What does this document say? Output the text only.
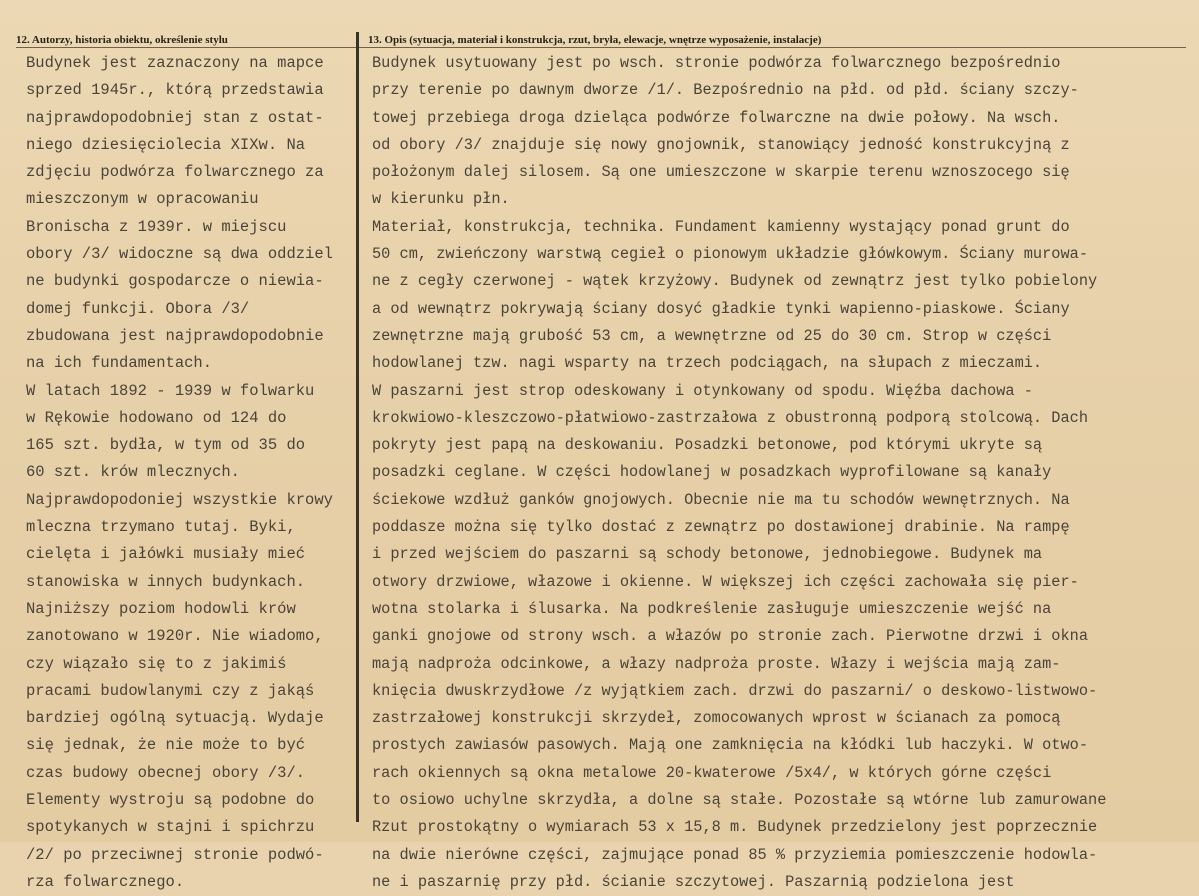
12. Autorzy, historia obiektu, określenie stylu	13. Opis (sytuacja, materiał i konstrukcja, rzut, bryła, elewacje, wnętrze wyposażenie, instalacje)
Budynek jest zaznaczony na mapce
sprzed 1945r., którą przedstawia
najprawdopodobniej stan z ostat-
niego dziesięciolecia XIXw. Na
zdjęciu podwórza folwarcznego za
mieszczonym w opracowaniu
Bronischa z 1939r. w miejscu
obory /3/ widoczne są dwa oddziel
ne budynki gospodarcze o niewia-
domej funkcji. Obora /3/
zbudowana jest najprawdopodobnie
na ich fundamentach.
W latach 1892 - 1939 w folwarku
w Rękowie hodowano od 124 do
165 szt. bydła, w tym od 35 do
60 szt. krów mlecznych.
Najprawdopodoniej wszystkie krowy
mleczna trzymano tutaj. Byki,
cielęta i jałówki musiały mieć
stanowiska w innych budynkach.
Najniższy poziom hodowli krów
zanotowano w 1920r. Nie wiadomo,
czy wiązało się to z jakimiś
pracami budowlanymi czy z jakąś
bardziej ogólną sytuacją. Wydaje
się jednak, że nie może to być
czas budowy obecnej obory /3/.
Elementy wystroju są podobne do
spotykanych w stajni i spichrzu
/2/ po przeciwnej stronie podwó-
rza folwarcznego.
Budynek usytuowany jest po wsch. stronie podwórza folwarcznego bezpośrednio
przy terenie po dawnym dworze /1/. Bezpośrednio na płd. od płd. ściany szczy-
towej przebiega droga dzieląca podwórze folwarczne na dwie połowy. Na wsch.
od obory /3/ znajduje się nowy gnojownik, stanowiący jedność konstrukcyjną z
położonym dalej silosem. Są one umieszczone w skarpie terenu wznoszocego się
w kierunku płn.
Materiał, konstrukcja, technika. Fundament kamienny wystający ponad grunt do
50 cm, zwieńczony warstwą cegieł o pionowym układzie główkowym. Ściany murowa-
ne z cegły czerwonej - wątek krzyżowy. Budynek od zewnątrz jest tylko pobielony
a od wewnątrz pokrywają ściany dosyć gładkie tynki wapienno-piaskowe. Ściany
zewnętrzne mają grubość 53 cm, a wewnętrzne od 25 do 30 cm. Strop w części
hodowlanej tzw. nagi wsparty na trzech podciągach, na słupach z mieczami.
W paszarni jest strop odeskowany i otynkowany od spodu. Więźba dachowa -
krokwiowo-kleszczowo-płatwiowo-zastrzałowa z obustronną podporą stolcową. Dach
pokryty jest papą na deskowaniu. Posadzki betonowe, pod którymi ukryte są
posadzki ceglane. W części hodowlanej w posadzkach wyprofilowane są kanały
ściekowe wzdłuż ganków gnojowych. Obecnie nie ma tu schodów wewnętrznych. Na
poddasze można się tylko dostać z zewnątrz po dostawionej drabinie. Na rampę
i przed wejściem do paszarni są schody betonowe, jednobiegowe. Budynek ma
otwory drzwiowe, włazowe i okienne. W większej ich części zachowała się pier-
wotna stolarka i ślusarka. Na podkreślenie zasługuje umieszczenie wejść na
ganki gnojowe od strony wsch. a włazów po stronie zach. Pierwotne drzwi i okna
mają nadproża odcinkowe, a włazy nadproża proste. Włazy i wejścia mają zam-
knięcia dwuskrzydłowe /z wyjątkiem zach. drzwi do paszarni/ o deskowo-listwowo-
zastrzałowej konstrukcji skrzydeł, zomocowanych wprost w ścianach za pomocą
prostych zawiasów pasowych. Mają one zamknięcia na kłódki lub haczyki. W otwo-
rach okiennych są okna metalowe 20-kwaterowe /5x4/, w których górne części
to osiowo uchylne skrzydła, a dolne są stałe. Pozostałe są wtórne lub zamurowane
Rzut prostokątny o wymiarach 53 x 15,8 m. Budynek przedzielony jest poprzecznie
na dwie nierówne części, zajmujące ponad 85 % przyziemia pomieszczenie hodowla-
ne i paszarnię przy płd. ścianie szczytowej. Paszarnią podzielona jest
